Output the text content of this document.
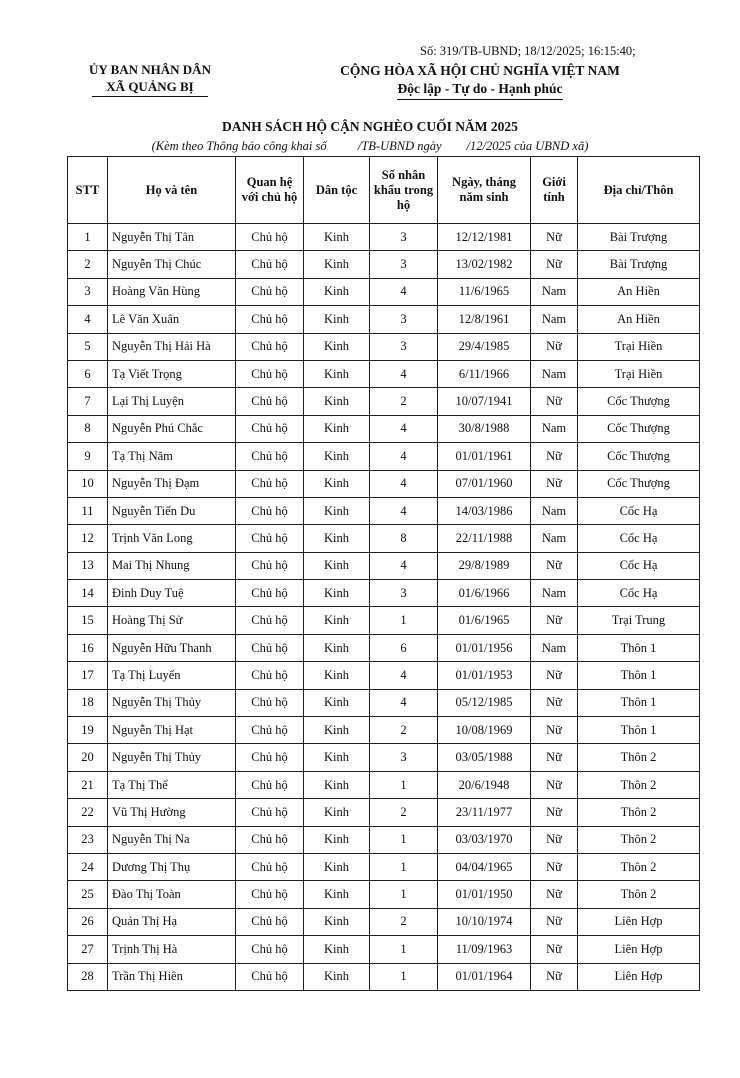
Số: 319/TB-UBND; 18/12/2025; 16:15:40;
ỦY BAN NHÂN DÂN
XÃ QUẢNG BỊ
CỘNG HÒA XÃ HỘI CHỦ NGHĨA VIỆT NAM
Độc lập - Tự do - Hạnh phúc
DANH SÁCH HỘ CẬN NGHÈO CUỐI NĂM 2025
(Kèm theo Thông báo công khai số          /TB-UBND ngày        /12/2025 của UBND xã)
STT	Họ và tên	Quan hệ với chủ hộ	Dân tộc	Số nhân khẩu trong hộ	Ngày, tháng năm sinh	Giới tính	Địa chỉ/Thôn
1	Nguyễn Thị Tân	Chủ hộ	Kinh	3	12/12/1981	Nữ	Bài Trượng
2	Nguyễn Thị Chúc	Chủ hộ	Kinh	3	13/02/1982	Nữ	Bài Trượng
3	Hoàng Văn Hùng	Chủ hộ	Kinh	4	11/6/1965	Nam	An Hiền
4	Lê Văn Xuân	Chủ hộ	Kinh	3	12/8/1961	Nam	An Hiền
5	Nguyễn Thị Hải Hà	Chủ hộ	Kinh	3	29/4/1985	Nữ	Trại Hiền
6	Tạ Viết Trọng	Chủ hộ	Kinh	4	6/11/1966	Nam	Trại Hiền
7	Lại Thị Luyện	Chủ hộ	Kinh	2	10/07/1941	Nữ	Cốc Thượng
8	Nguyễn Phú Chắc	Chủ hộ	Kinh	4	30/8/1988	Nam	Cốc Thượng
9	Tạ Thị Năm	Chủ hộ	Kinh	4	01/01/1961	Nữ	Cốc Thượng
10	Nguyễn Thị Đạm	Chủ hộ	Kinh	4	07/01/1960	Nữ	Cốc Thượng
11	Nguyễn Tiến Du	Chủ hộ	Kinh	4	14/03/1986	Nam	Cốc Hạ
12	Trịnh Văn Long	Chủ hộ	Kinh	8	22/11/1988	Nam	Cốc Hạ
13	Mai Thị Nhung	Chủ hộ	Kinh	4	29/8/1989	Nữ	Cốc Hạ
14	Đinh Duy Tuệ	Chủ hộ	Kinh	3	01/6/1966	Nam	Cốc Hạ
15	Hoàng Thị Sử	Chủ hộ	Kinh	1	01/6/1965	Nữ	Trại Trung
16	Nguyễn Hữu Thanh	Chủ hộ	Kinh	6	01/01/1956	Nam	Thôn 1
17	Tạ Thị Luyến	Chủ hộ	Kinh	4	01/01/1953	Nữ	Thôn 1
18	Nguyễn Thị Thủy	Chủ hộ	Kinh	4	05/12/1985	Nữ	Thôn 1
19	Nguyễn Thị Hạt	Chủ hộ	Kinh	2	10/08/1969	Nữ	Thôn 1
20	Nguyễn Thị Thủy	Chủ hộ	Kinh	3	03/05/1988	Nữ	Thôn 2
21	Tạ Thị Thể	Chủ hộ	Kinh	1	20/6/1948	Nữ	Thôn 2
22	Vũ Thị Hường	Chủ hộ	Kinh	2	23/11/1977	Nữ	Thôn 2
23	Nguyễn Thị Na	Chủ hộ	Kinh	1	03/03/1970	Nữ	Thôn 2
24	Dương Thị Thụ	Chủ hộ	Kinh	1	04/04/1965	Nữ	Thôn 2
25	Đào Thị Toàn	Chủ hộ	Kinh	1	01/01/1950	Nữ	Thôn 2
26	Quản Thị Hạ	Chủ hộ	Kinh	2	10/10/1974	Nữ	Liên Hợp
27	Trịnh Thị Hà	Chủ hộ	Kinh	1	11/09/1963	Nữ	Liên Hợp
28	Trần Thị Hiên	Chủ hộ	Kinh	1	01/01/1964	Nữ	Liên Hợp
